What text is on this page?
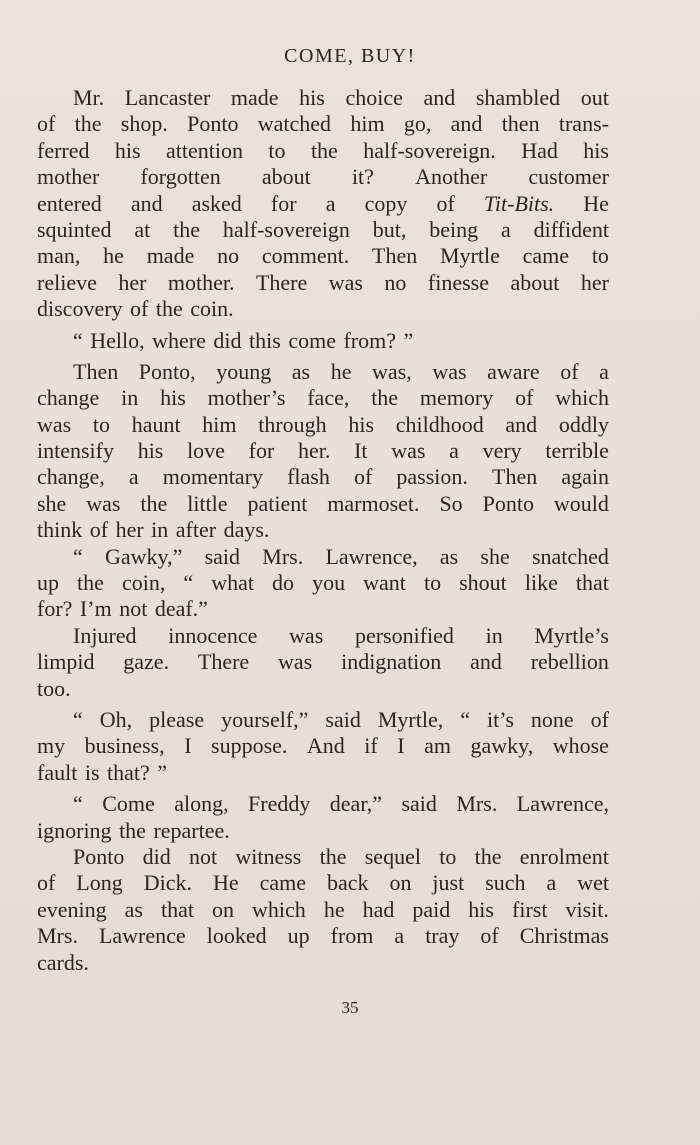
COME, BUY!
Mr. Lancaster made his choice and shambled out
of the shop. Ponto watched him go, and then trans-
ferred his attention to the half-sovereign. Had his
mother forgotten about it? Another customer
entered and asked for a copy of Tit-Bits. He
squinted at the half-sovereign but, being a diffident
man, he made no comment. Then Myrtle came to
relieve her mother. There was no finesse about her
discovery of the coin.
“ Hello, where did this come from? ”
Then Ponto, young as he was, was aware of a
change in his mother’s face, the memory of which
was to haunt him through his childhood and oddly
intensify his love for her. It was a very terrible
change, a momentary flash of passion. Then again
she was the little patient marmoset. So Ponto would
think of her in after days.
“ Gawky,” said Mrs. Lawrence, as she snatched
up the coin, “ what do you want to shout like that
for? I’m not deaf.”
Injured innocence was personified in Myrtle’s
limpid gaze. There was indignation and rebellion
too.
“ Oh, please yourself,” said Myrtle, “ it’s none of
my business, I suppose. And if I am gawky, whose
fault is that? ”
“ Come along, Freddy dear,” said Mrs. Lawrence,
ignoring the repartee.
Ponto did not witness the sequel to the enrolment
of Long Dick. He came back on just such a wet
evening as that on which he had paid his first visit.
Mrs. Lawrence looked up from a tray of Christmas
cards.
35
